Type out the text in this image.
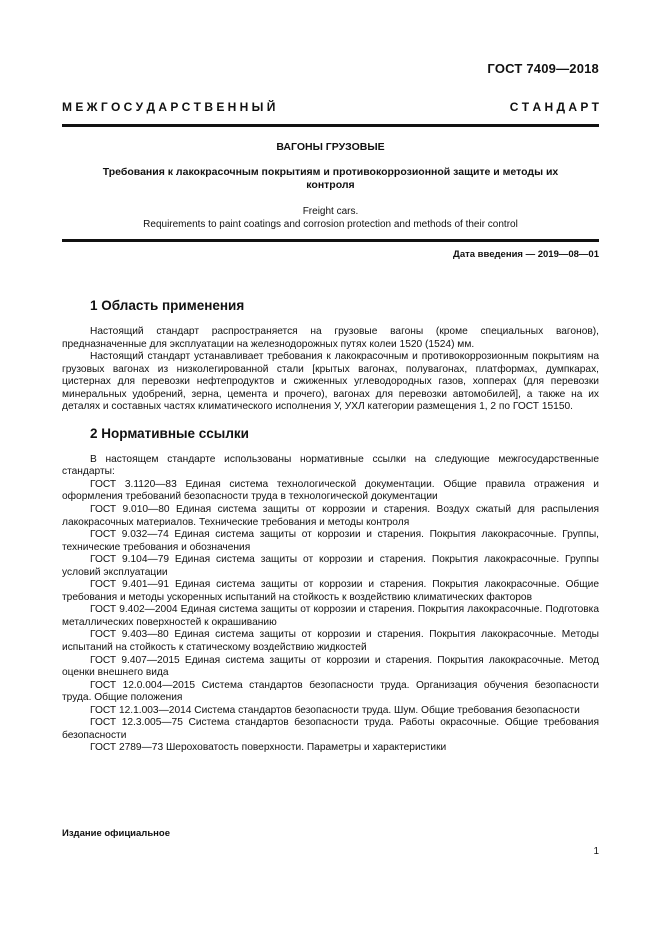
ГОСТ 7409—2018
М Е Ж Г О С У Д А Р С Т В Е Н Н Ы Й	С Т А Н Д А Р Т
ВАГОНЫ ГРУЗОВЫЕ
Требования к лакокрасочным покрытиям и противокоррозионной защите и методы их контроля
Freight cars.
Requirements to paint coatings and corrosion protection and methods of their control
Дата введения — 2019—08—01
1 Область применения

Настоящий стандарт распространяется на грузовые вагоны (кроме специальных вагонов), предназначенные для эксплуатации на железнодорожных путях колеи 1520 (1524) мм.

Настоящий стандарт устанавливает требования к лакокрасочным и противокоррозионным покрытиям на грузовых вагонах из низколегированной стали [крытых вагонах, полувагонах, платформах, думпкарах, цистернах для перевозки нефтепродуктов и сжиженных углеводородных газов, хопперах (для перевозки минеральных удобрений, зерна, цемента и прочего), вагонах для перевозки автомобилей], а также на их деталях и составных частях климатического исполнения У, УХЛ категории размещения 1, 2 по ГОСТ 15150.

2 Нормативные ссылки

В настоящем стандарте использованы нормативные ссылки на следующие межгосударственные стандарты:

ГОСТ 3.1120—83 Единая система технологической документации. Общие правила отражения и оформления требований безопасности труда в технологической документации

ГОСТ 9.010—80 Единая система защиты от коррозии и старения. Воздух сжатый для распыления лакокрасочных материалов. Технические требования и методы контроля

ГОСТ 9.032—74 Единая система защиты от коррозии и старения. Покрытия лакокрасочные. Группы, технические требования и обозначения

ГОСТ 9.104—79 Единая система защиты от коррозии и старения. Покрытия лакокрасочные. Группы условий эксплуатации

ГОСТ 9.401—91 Единая система защиты от коррозии и старения. Покрытия лакокрасочные. Общие требования и методы ускоренных испытаний на стойкость к воздействию климатических факторов

ГОСТ 9.402—2004 Единая система защиты от коррозии и старения. Покрытия лакокрасочные. Подготовка металлических поверхностей к окрашиванию

ГОСТ 9.403—80 Единая система защиты от коррозии и старения. Покрытия лакокрасочные. Методы испытаний на стойкость к статическому воздействию жидкостей

ГОСТ 9.407—2015 Единая система защиты от коррозии и старения. Покрытия лакокрасочные. Метод оценки внешнего вида

ГОСТ 12.0.004—2015 Система стандартов безопасности труда. Организация обучения безопасности труда. Общие положения

ГОСТ 12.1.003—2014 Система стандартов безопасности труда. Шум. Общие требования безопасности

ГОСТ 12.3.005—75 Система стандартов безопасности труда. Работы окрасочные. Общие требования безопасности

ГОСТ 2789—73 Шероховатость поверхности. Параметры и характеристики

Издание официальное
1
